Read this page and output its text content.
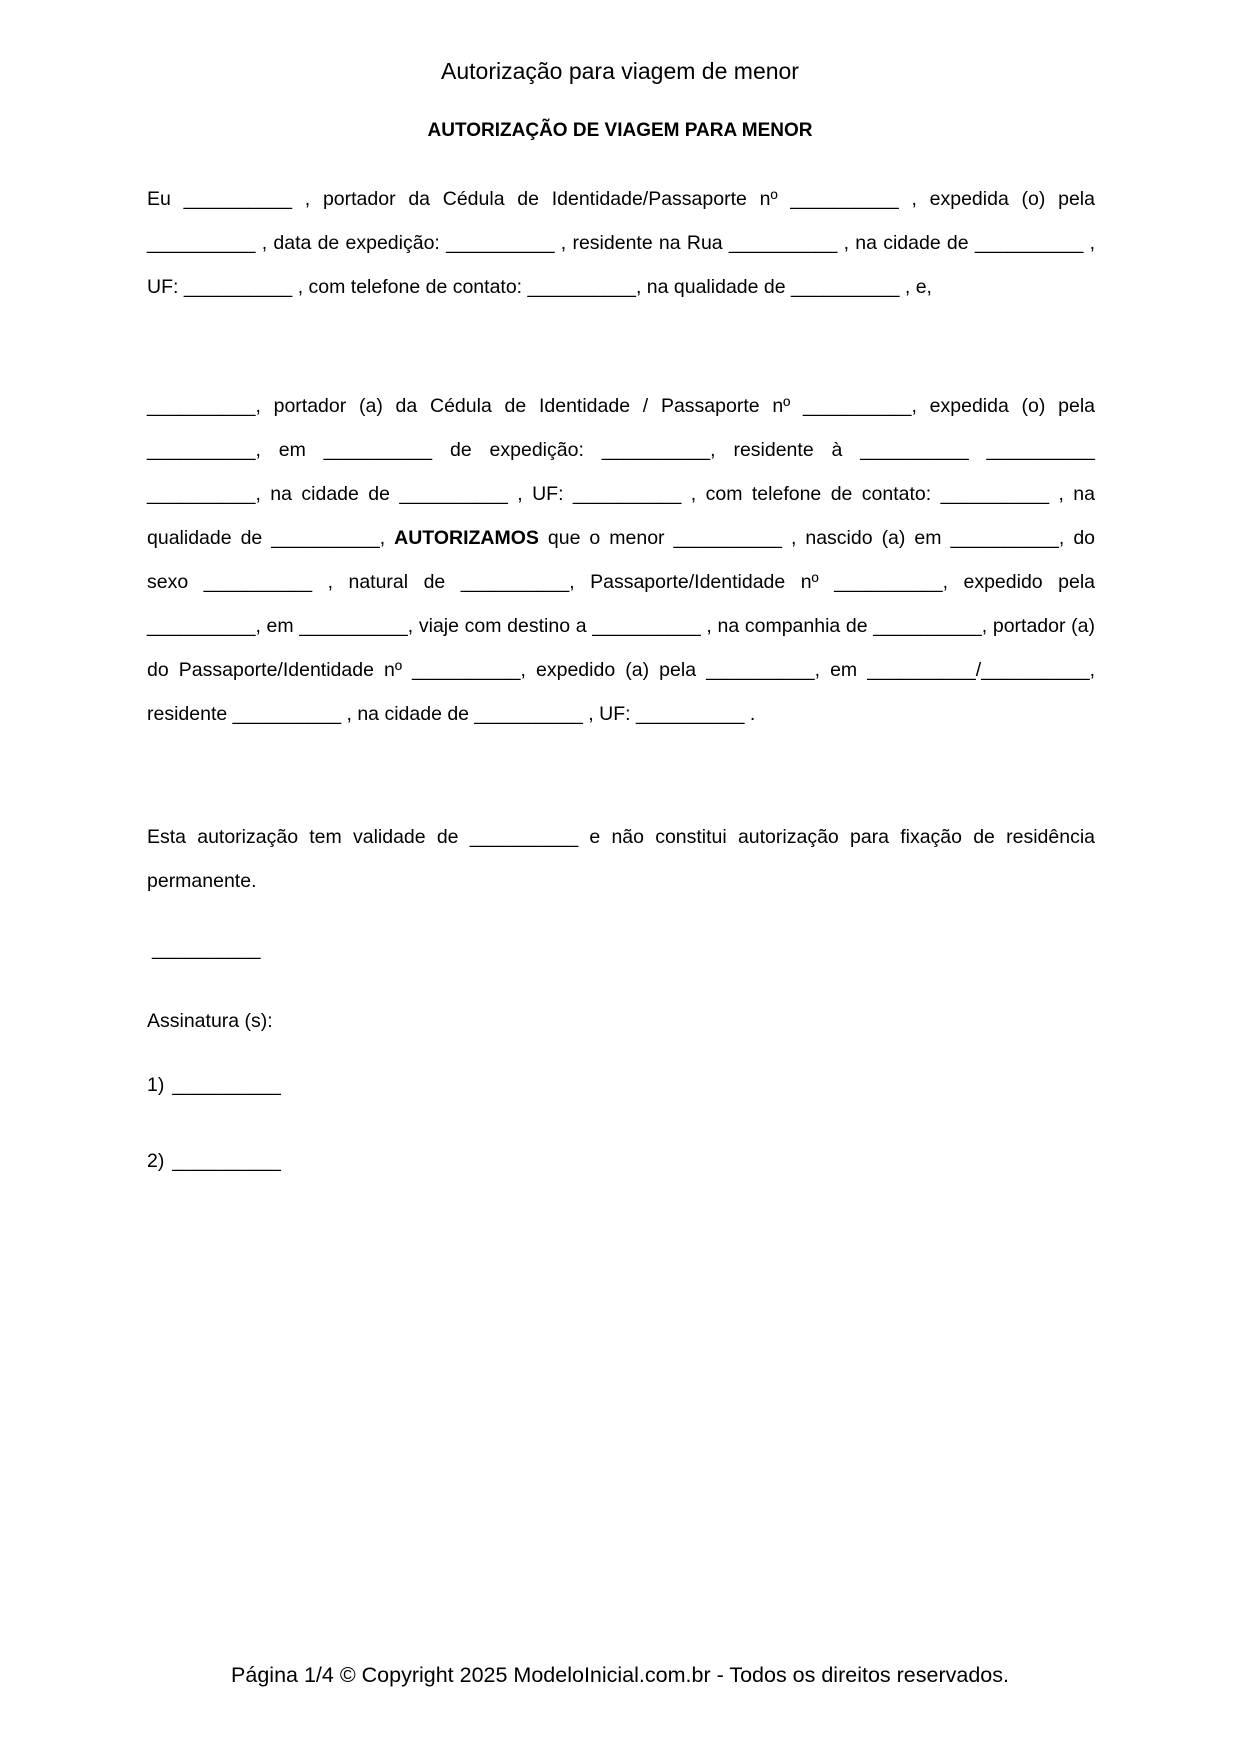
Autorização para viagem de menor
AUTORIZAÇÃO DE VIAGEM PARA MENOR

Eu __________ , portador da Cédula de Identidade/Passaporte nº __________ , expedida (o) pela __________ , data de expedição: __________ , residente na Rua __________ , na cidade de __________ , UF: __________ , com telefone de contato: __________, na qualidade de __________ , e,

__________, portador (a) da Cédula de Identidade / Passaporte nº __________, expedida (o) pela __________, em __________ de expedição: __________, residente à __________ __________ __________, na cidade de __________ , UF: __________ , com telefone de contato: __________ , na qualidade de __________, AUTORIZAMOS que o menor __________ , nascido (a) em __________, do sexo __________ , natural de __________, Passaporte/Identidade nº __________, expedido pela __________, em __________, viaje com destino a __________ , na companhia de __________, portador (a) do Passaporte/Identidade nº __________, expedido (a) pela __________, em __________/__________, residente __________ , na cidade de __________ , UF: __________ .

Esta autorização tem validade de __________ e não constitui autorização para fixação de residência permanente.

__________
Assinatura (s):
1) __________
2) __________
Página 1/4 © Copyright 2025 ModeloInicial.com.br - Todos os direitos reservados.
